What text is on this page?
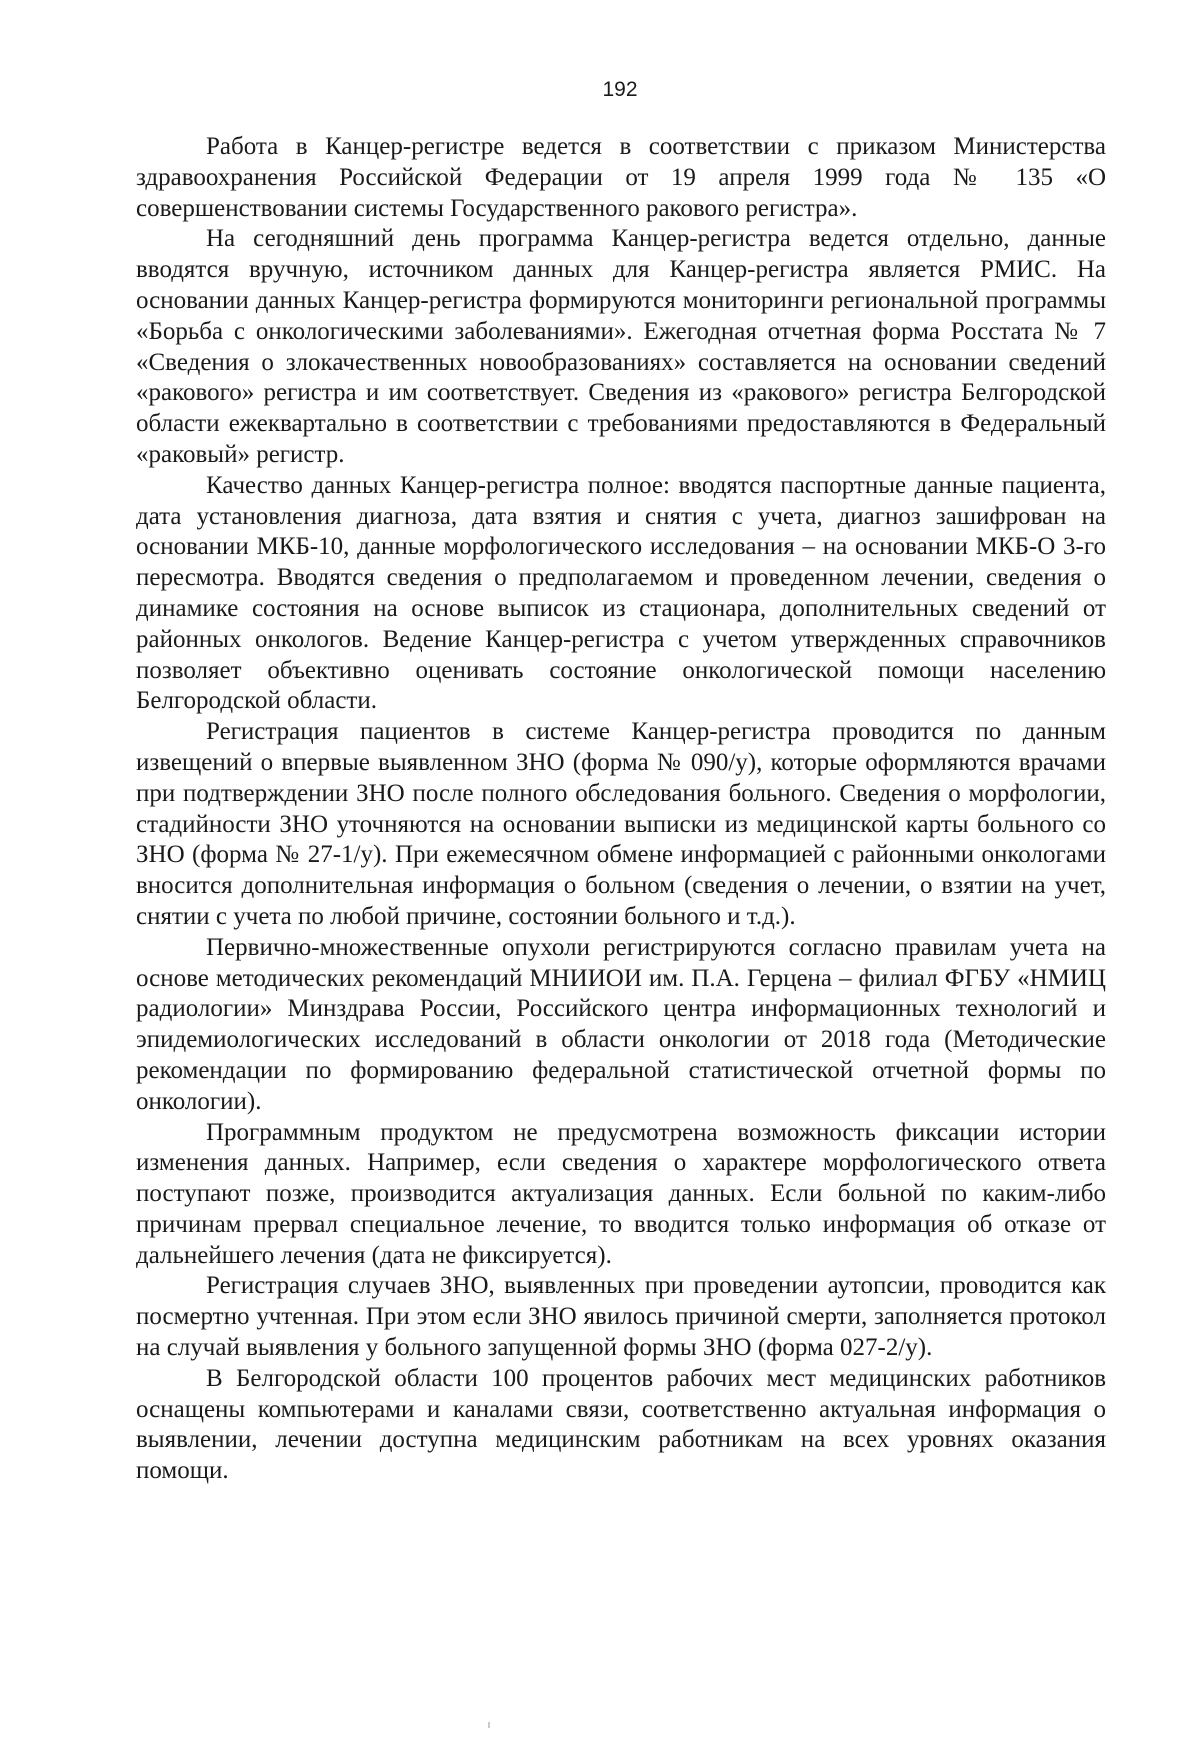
192

Работа в Канцер-регистре ведется в соответствии с приказом Министерства здравоохранения Российской Федерации от 19 апреля 1999 года № 135 «О совершенствовании системы Государственного ракового регистра».

На сегодняшний день программа Канцер-регистра ведется отдельно, данные вводятся вручную, источником данных для Канцер-регистра является РМИС. На основании данных Канцер-регистра формируются мониторинги региональной программы «Борьба с онкологическими заболеваниями». Ежегодная отчетная форма Росстата № 7 «Сведения о злокачественных новообразованиях» составляется на основании сведений «ракового» регистра и им соответствует. Сведения из «ракового» регистра Белгородской области ежеквартально в соответствии с требованиями предоставляются в Федеральный «раковый» регистр.

Качество данных Канцер-регистра полное: вводятся паспортные данные пациента, дата установления диагноза, дата взятия и снятия с учета, диагноз зашифрован на основании МКБ-10, данные морфологического исследования – на основании МКБ-О 3-го пересмотра. Вводятся сведения о предполагаемом и проведенном лечении, сведения о динамике состояния на основе выписок из стационара, дополнительных сведений от районных онкологов. Ведение Канцер-регистра с учетом утвержденных справочников позволяет объективно оценивать состояние онкологической помощи населению Белгородской области.

Регистрация пациентов в системе Канцер-регистра проводится по данным извещений о впервые выявленном ЗНО (форма № 090/у), которые оформляются врачами при подтверждении ЗНО после полного обследования больного. Сведения о морфологии, стадийности ЗНО уточняются на основании выписки из медицинской карты больного со ЗНО (форма № 27-1/у). При ежемесячном обмене информацией с районными онкологами вносится дополнительная информация о больном (сведения о лечении, о взятии на учет, снятии с учета по любой причине, состоянии больного и т.д.).

Первично-множественные опухоли регистрируются согласно правилам учета на основе методических рекомендаций МНИИОИ им. П.А. Герцена – филиал ФГБУ «НМИЦ радиологии» Минздрава России, Российского центра информационных технологий и эпидемиологических исследований в области онкологии от 2018 года (Методические рекомендации по формированию федеральной статистической отчетной формы по онкологии).

Программным продуктом не предусмотрена возможность фиксации истории изменения данных. Например, если сведения о характере морфологического ответа поступают позже, производится актуализация данных. Если больной по каким-либо причинам прервал специальное лечение, то вводится только информация об отказе от дальнейшего лечения (дата не фиксируется).

Регистрация случаев ЗНО, выявленных при проведении аутопсии, проводится как посмертно учтенная. При этом если ЗНО явилось причиной смерти, заполняется протокол на случай выявления у больного запущенной формы ЗНО (форма 027-2/у).

В Белгородской области 100 процентов рабочих мест медицинских работников оснащены компьютерами и каналами связи, соответственно актуальная информация о выявлении, лечении доступна медицинским работникам на всех уровнях оказания помощи.
